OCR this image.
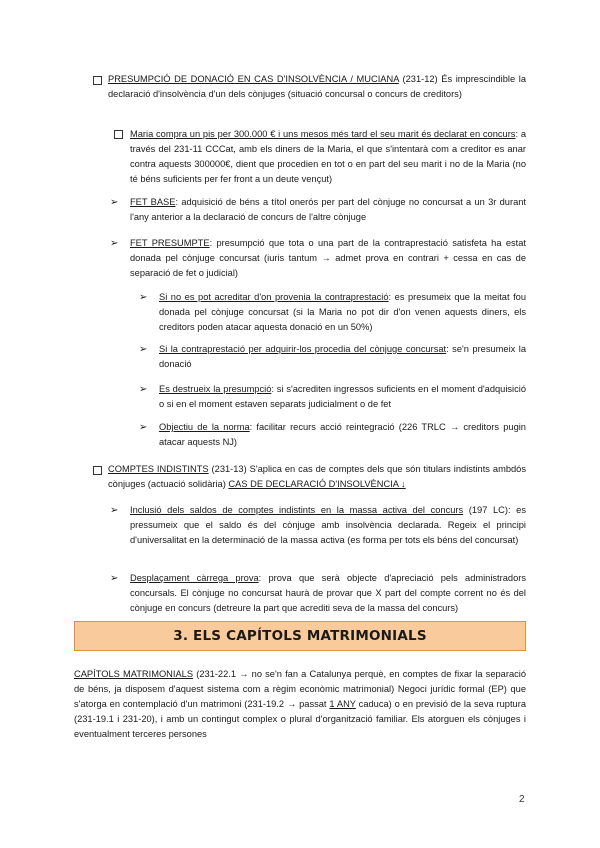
PRESUMPCIÓ DE DONACIÓ EN CAS D'INSOLVÈNCIA / MUCIANA (231-12) És imprescindible la declaració d'insolvència d'un dels cònjuges (situació concursal o concurs de creditors)

Maria compra un pis per 300.000 € i uns mesos més tard el seu marit és declarat en concurs: a través del 231-11 CCCat, amb els diners de la Maria, el que s'intentarà com a creditor es anar contra aquests 300000€, dient que procedien en tot o en part del seu marit i no de la Maria (no té béns suficients per fer front a un deute vençut)

➢ FET BASE: adquisició de béns a títol onerós per part del cònjuge no concursat a un 3r durant l'any anterior a la declaració de concurs de l'altre cònjuge

➢ FET PRESUMPTE: presumpció que tota o una part de la contraprestació satisfeta ha estat donada pel cònjuge concursat (iuris tantum → admet prova en contrari + cessa en cas de separació de fet o judicial)

➢ Si no es pot acreditar d'on provenia la contraprestació: es presumeix que la meitat fou donada pel cònjuge concursat (si la Maria no pot dir d'on venen aquests diners, els creditors poden atacar aquesta donació en un 50%)

➢ Si la contraprestació per adquirir-los procedia del cònjuge concursat: se'n presumeix la donació

➢ Es destrueix la presumpció: si s'acrediten ingressos suficients en el moment d'adquisició o si en el moment estaven separats judicialment o de fet

➢ Objectiu de la norma: facilitar recurs acció reintegració (226 TRLC → creditors pugin atacar aquests NJ)

COMPTES INDISTINTS (231-13) S'aplica en cas de comptes dels que són titulars indistints ambdós cònjuges (actuació solidària) CAS DE DECLARACIÓ D'INSOLVÈNCIA ↓

➢ Inclusió dels saldos de comptes indistints en la massa activa del concurs (197 LC): es pressumeix que el saldo és del cònjuge amb insolvència declarada. Regeix el principi d'universalitat en la determinació de la massa activa (es forma per tots els béns del concursat)

➢ Desplaçament càrrega prova: prova que serà objecte d'apreciació pels administradors concursals. El cònjuge no concursat haurà de provar que X part del compte corrent no és del cònjuge en concurs (detreure la part que acrediti seva de la massa del concurs)

3. ELS CAPÍTOLS MATRIMONIALS

CAPÍTOLS MATRIMONIALS (231-22.1 → no se'n fan a Catalunya perquè, en comptes de fixar la separació de béns, ja disposem d'aquest sistema com a règim econòmic matrimonial) Negoci jurídic formal (EP) que s'atorga en contemplació d'un matrimoni (231-19.2 → passat 1 ANY caduca) o en previsió de la seva ruptura (231-19.1 i 231-20), i amb un contingut complex o plural d'organització familiar. Els atorguen els cònjuges i eventualment terceres persones

2
